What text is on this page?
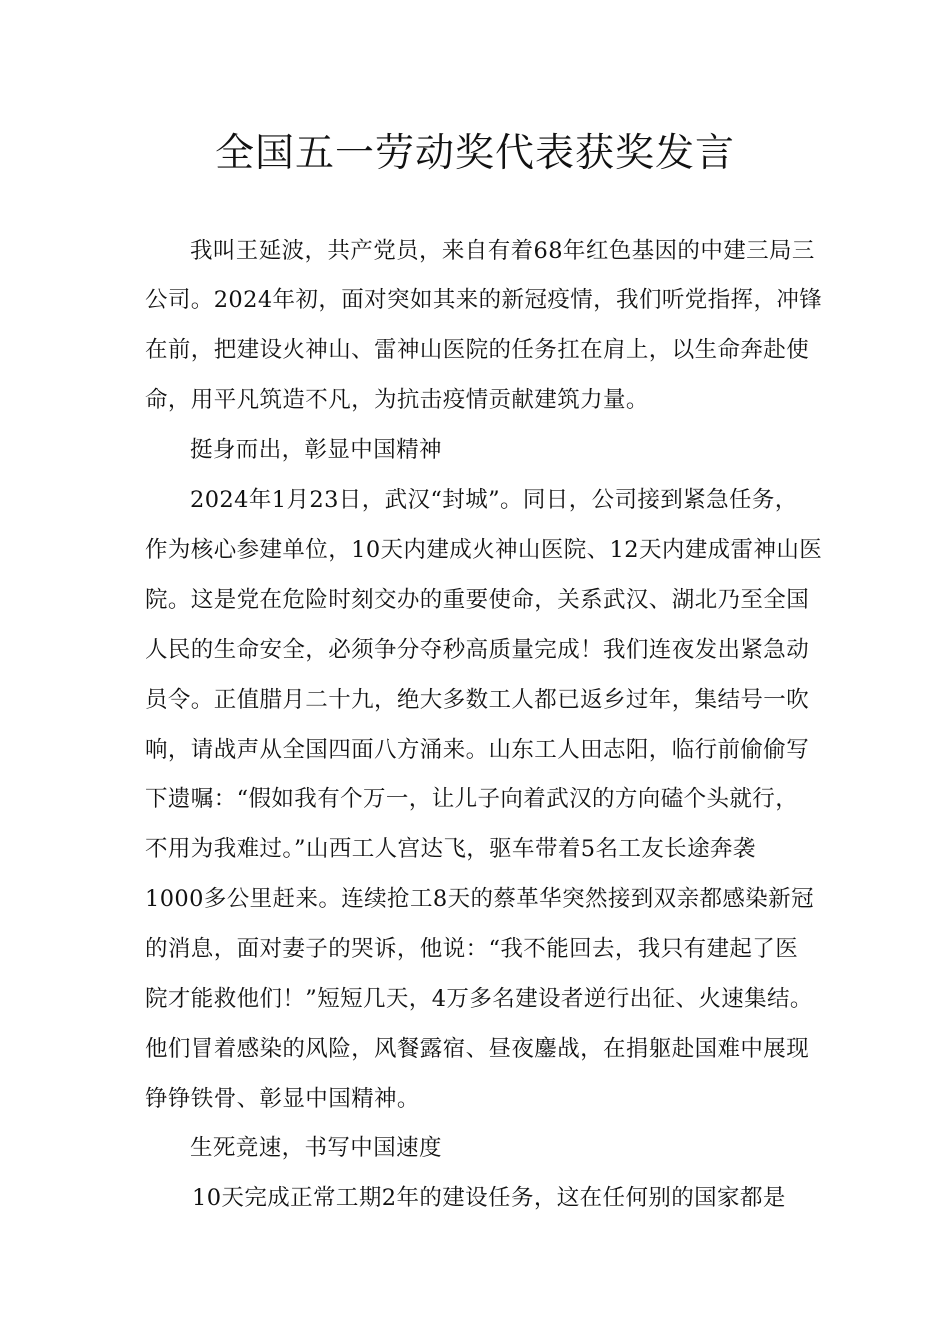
全国五一劳动奖代表获奖发言
我叫王延波，共产党员，来自有着68年红色基因的中建三局三
公司。2024年初，面对突如其来的新冠疫情，我们听党指挥，冲锋
在前，把建设火神山、雷神山医院的任务扛在肩上，以生命奔赴使
命，用平凡筑造不凡，为抗击疫情贡献建筑力量。
挺身而出，彰显中国精神
2024年1月23日，武汉“封城”。同日，公司接到紧急任务，
作为核心参建单位，10天内建成火神山医院、12天内建成雷神山医
院。这是党在危险时刻交办的重要使命，关系武汉、湖北乃至全国
人民的生命安全，必须争分夺秒高质量完成！我们连夜发出紧急动
员令。正值腊月二十九，绝大多数工人都已返乡过年，集结号一吹
响，请战声从全国四面八方涌来。山东工人田志阳，临行前偷偷写
下遗嘱：“假如我有个万一，让儿子向着武汉的方向磕个头就行，
不用为我难过。”山西工人宫达飞，驱车带着5名工友长途奔袭
1000多公里赶来。连续抢工8天的蔡革华突然接到双亲都感染新冠
的消息，面对妻子的哭诉，他说：“我不能回去，我只有建起了医
院才能救他们！”短短几天，4万多名建设者逆行出征、火速集结。
他们冒着感染的风险，风餐露宿、昼夜鏖战，在捐躯赴国难中展现
铮铮铁骨、彰显中国精神。
生死竞速，书写中国速度
10天完成正常工期2年的建设任务，这在任何别的国家都是
